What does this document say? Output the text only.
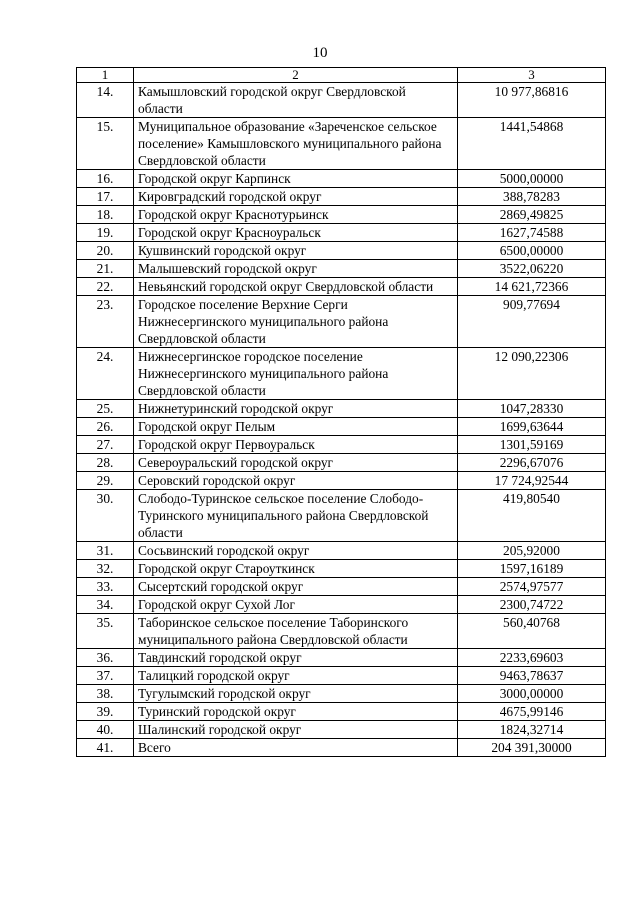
10
1	2	3
14.	Камышловский городской округ Свердловской области	10 977,86816
15.	Муниципальное образование «Зареченское сельское поселение» Камышловского муниципального района Свердловской области	1441,54868
16.	Городской округ Карпинск	5000,00000
17.	Кировградский городской округ	388,78283
18.	Городской округ Краснотурьинск	2869,49825
19.	Городской округ Красноуральск	1627,74588
20.	Кушвинский городской округ	6500,00000
21.	Малышевский городской округ	3522,06220
22.	Невьянский городской округ Свердловской области	14 621,72366
23.	Городское поселение Верхние Серги Нижнесергинского муниципального района Свердловской области	909,77694
24.	Нижнесергинское городское поселение Нижнесергинского муниципального района Свердловской области	12 090,22306
25.	Нижнетуринский городской округ	1047,28330
26.	Городской округ Пелым	1699,63644
27.	Городской округ Первоуральск	1301,59169
28.	Североуральский городской округ	2296,67076
29.	Серовский городской округ	17 724,92544
30.	Слободо-Туринское сельское поселение Слободо-Туринского муниципального района Свердловской области	419,80540
31.	Сосьвинский городской округ	205,92000
32.	Городской округ Староуткинск	1597,16189
33.	Сысертский городской округ	2574,97577
34.	Городской округ Сухой Лог	2300,74722
35.	Таборинское сельское поселение Таборинского муниципального района Свердловской области	560,40768
36.	Тавдинский городской округ	2233,69603
37.	Талицкий городской округ	9463,78637
38.	Тугулымский городской округ	3000,00000
39.	Туринский городской округ	4675,99146
40.	Шалинский городской округ	1824,32714
41.	Всего	204 391,30000
